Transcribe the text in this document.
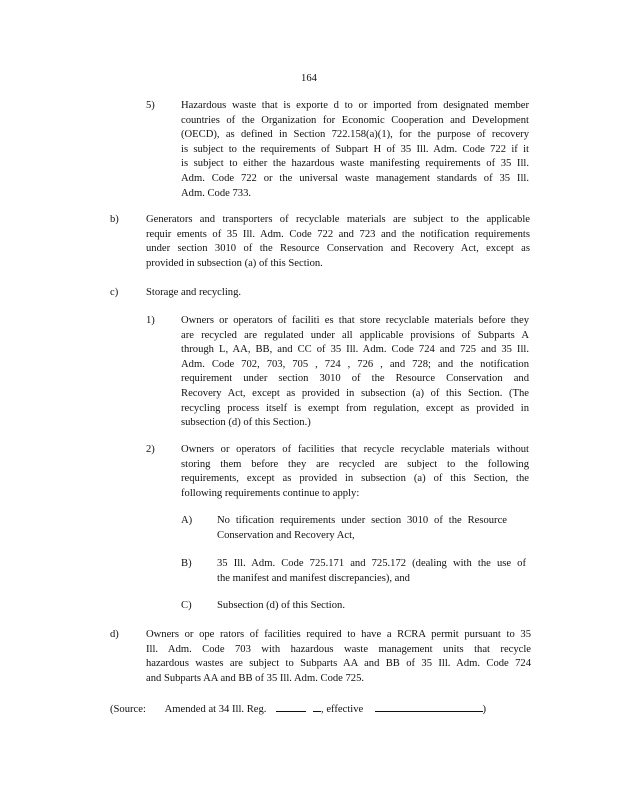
164
5) Hazardous waste that is exporte d to or imported from designated member
countries of the Organization for Economic Cooperation and Development
(OECD), as defined in Section 722.158(a)(1), for the purpose of recovery
is subject to the requirements of Subpart H of 35 Ill. Adm. Code 722 if it
is subject to either the hazardous waste manifesting requirements of 35 Ill.
Adm. Code 722 or the universal waste management standards of 35 Ill.
Adm. Code 733.
b)	Generators and transporters of recyclable materials are subject to the applicable
requir ements of 35 Ill. Adm. Code 722 and 723 and the notification requirements
under section 3010 of the Resource Conservation and Recovery Act, except as
provided in subsection (a) of this Section.
c)	Storage and recycling.
1) Owners or operators of faciliti es that store recyclable materials before they
are recycled are regulated under all applicable provisions of Subparts A
through L, AA, BB, and CC of 35 Ill. Adm. Code 724 and 725 and 35 Ill.
Adm. Code 702, 703, 705 , 724 , 726 , and 728; and the notification
requirement under section 3010 of the Resource Conservation and
Recovery Act, except as provided in subsection (a) of this Section. (The
recycling process itself is exempt from regulation, except as provided in
subsection (d) of this Section.)
2) Owners or operators of facilities that recycle recyclable materials without
storing them before they are recycled are subject to the following
requirements, except as provided in subsection (a) of this Section, the
following requirements continue to apply:
A) No tification requirements under section 3010 of the Resource
Conservation and Recovery Act,
B) 35 Ill. Adm. Code 725.171 and 725.172 (dealing with the use of
the manifest and manifest discrepancies), and
C) Subsection (d) of this Section.
d)	Owners or ope rators of facilities required to have a RCRA permit pursuant to 35
Ill. Adm. Code 703 with hazardous waste management units that recycle
hazardous wastes are subject to Subparts AA and BB of 35 Ill. Adm. Code 724
and Subparts AA and BB of 35 Ill. Adm. Code 725.
(Source: Amended at 34 Ill. Reg.	, effective	)
